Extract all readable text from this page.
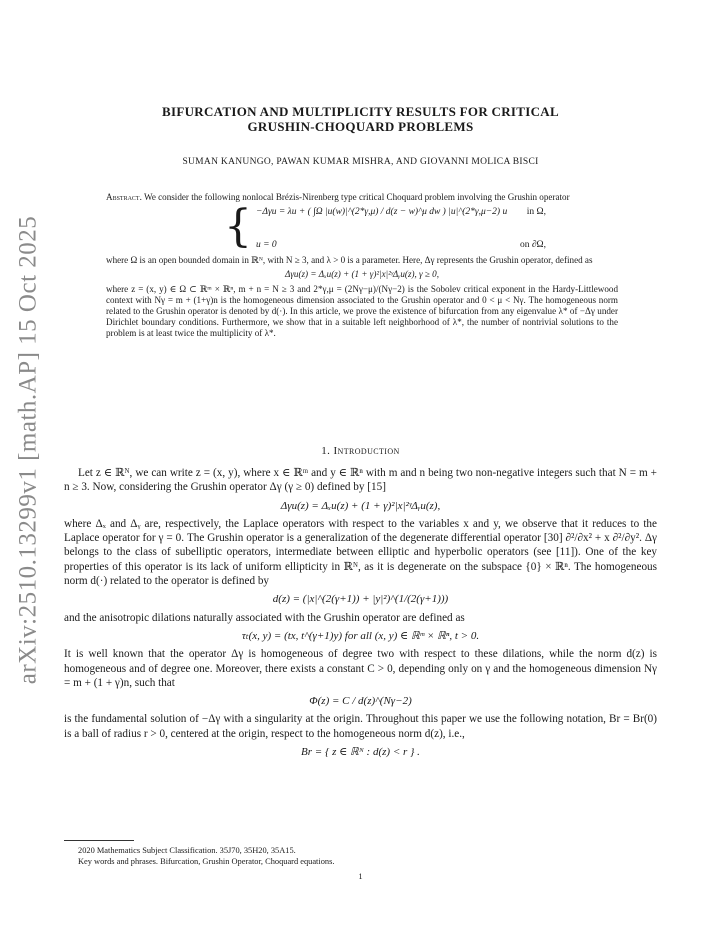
arXiv:2510.13299v1 [math.AP] 15 Oct 2025
BIFURCATION AND MULTIPLICITY RESULTS FOR CRITICAL
GRUSHIN-CHOQUARD PROBLEMS
SUMAN KANUNGO, PAWAN KUMAR MISHRA, AND GIOVANNI MOLICA BISCI
Abstract. We consider the following nonlocal Brézis-Nirenberg type critical Choquard problem involving the Grushin operator
{ −Δγu = λu + ( ∫Ω |u(w)|^(2*γ,μ) / d(z − w)^μ dw ) |u|^(2*γ,μ−2) u in Ω,
u = 0	on ∂Ω,
where Ω is an open bounded domain in ℝᴺ, with N ≥ 3, and λ > 0 is a parameter. Here, Δγ represents the Grushin operator, defined as
Δγu(z) = Δₓu(z) + (1 + γ)²|x|²ᵞΔᵧu(z), γ ≥ 0,
where z = (x, y) ∈ Ω ⊂ ℝᵐ × ℝⁿ, m + n = N ≥ 3 and 2*γ,μ = (2Nγ−μ)/(Nγ−2) is the Sobolev critical exponent in the Hardy-Littlewood context with Nγ = m + (1+γ)n is the homogeneous dimension associated to the Grushin operator and 0 < μ < Nγ. The homogeneous norm related to the Grushin operator is denoted by d(·). In this article, we prove the existence of bifurcation from any eigenvalue λ* of −Δγ under Dirichlet boundary conditions. Furthermore, we show that in a suitable left neighborhood of λ*, the number of nontrivial solutions to the problem is at least twice the multiplicity of λ*.
1. Introduction

Let z ∈ ℝᴺ, we can write z = (x, y), where x ∈ ℝᵐ and y ∈ ℝⁿ with m and n being two non-negative integers such that N = m + n ≥ 3. Now, considering the Grushin operator Δγ (γ ≥ 0) defined by [15]

Δγu(z) = Δₓu(z) + (1 + γ)²|x|²ᵞΔᵧu(z),

where Δₓ and Δᵧ are, respectively, the Laplace operators with respect to the variables x and y, we observe that it reduces to the Laplace operator for γ = 0. The Grushin operator is a generalization of the degenerate differential operator [30] ∂²/∂x² + x ∂²/∂y². Δγ belongs to the class of subelliptic operators, intermediate between elliptic and hyperbolic operators (see [11]). One of the key properties of this operator is its lack of uniform ellipticity in ℝᴺ, as it is degenerate on the subspace {0} × ℝⁿ. The homogeneous norm d(·) related to the operator is defined by

d(z) = (|x|^(2(γ+1)) + |y|²)^(1/(2(γ+1)))

and the anisotropic dilations naturally associated with the Grushin operator are defined as

τₜ(x, y) = (tx, t^(γ+1)y) for all (x, y) ∈ ℝᵐ × ℝⁿ, t > 0.

It is well known that the operator Δγ is homogeneous of degree two with respect to these dilations, while the norm d(z) is homogeneous and of degree one. Moreover, there exists a constant C > 0, depending only on γ and the homogeneous dimension Nγ = m + (1 + γ)n, such that

Φ(z) = C / d(z)^(Nγ−2)

is the fundamental solution of −Δγ with a singularity at the origin. Throughout this paper we use the following notation, Br = Br(0) is a ball of radius r > 0, centered at the origin, respect to the homogeneous norm d(z), i.e.,

Br = { z ∈ ℝᴺ : d(z) < r } .
2020 Mathematics Subject Classification. 35J70, 35H20, 35A15.
Key words and phrases. Bifurcation, Grushin Operator, Choquard equations.
1
